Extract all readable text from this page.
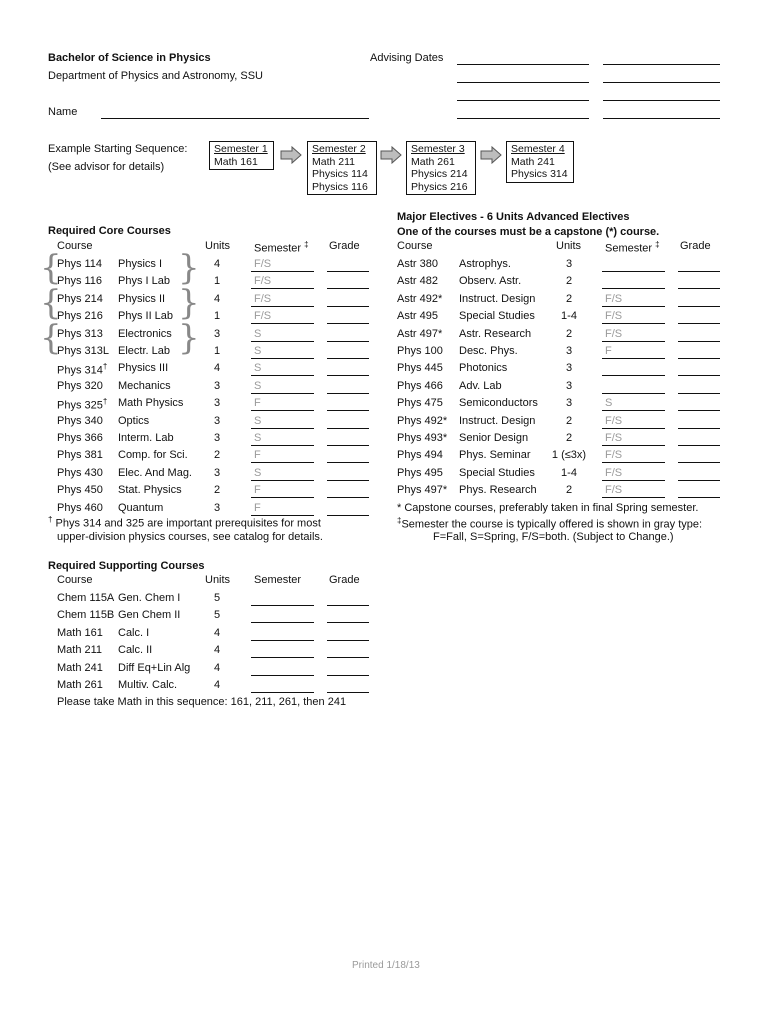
Bachelor of Science in Physics
Department of Physics and Astronomy, SSU
Advising Dates
Name
Example Starting Sequence:
(See advisor for details)
Semester 1
Math 161
Semester 2
Math 211
Physics 114
Physics 116
Semester 3
Math 261
Physics 214
Physics 216
Semester 4
Math 241
Physics 314
Required Core Courses
Course	Units Semester ‡ Grade
{	}
{	}
{	}
Phys 114 Physics I	4	F/S
Phys 116 Phys I Lab	1	F/S
Phys 214 Physics II	4	F/S
Phys 216 Phys II Lab	1	F/S
Phys 313 Electronics	3	S
Phys 313L Electr. Lab	1	S
Phys 314† Physics III	4	S
Phys 320 Mechanics	3	S
Phys 325† Math Physics	3	F
Phys 340 Optics	3	S
Phys 366 Interm. Lab	3	S
Phys 381 Comp. for Sci. 2	F
Phys 430 Elec. And Mag. 3	S
Phys 450 Stat. Physics	2	F
Phys 460 Quantum	3	F
† Phys 314 and 325 are important prerequisites for most
upper-division physics courses, see catalog for details.
Major Electives - 6 Units Advanced Electives
One of the courses must be a capstone (*) course.
Course	Units Semester ‡ Grade
Astr 380 Astrophys.	3
Astr 482 Observ. Astr.	2
Astr 492* Instruct. Design	2	F/S
Astr 495 Special Studies	1-4	F/S
Astr 497* Astr. Research	2	F/S
Phys 100 Desc. Phys.	3	F
Phys 445 Photonics	3
Phys 466 Adv. Lab	3
Phys 475 Semiconductors	3	S
Phys 492* Instruct. Design	2	F/S
Phys 493* Senior Design	2	F/S
Phys 494 Phys. Seminar 1 (≤3x) F/S
Phys 495 Special Studies	1-4	F/S
Phys 497* Phys. Research	2	F/S
* Capstone courses, preferably taken in final Spring semester.
‡Semester the course is typically offered is shown in gray type:
F=Fall, S=Spring, F/S=both. (Subject to Change.)
Required Supporting Courses
Course	Units Semester	Grade
Chem 115A Gen. Chem I	5
Chem 115B Gen Chem II	5
Math 161 Calc. I	4
Math 211 Calc. II	4
Math 241 Diff Eq+Lin Alg 4
Math 261 Multiv. Calc.	4
Please take Math in this sequence: 161, 211, 261, then 241
Printed 1/18/13
